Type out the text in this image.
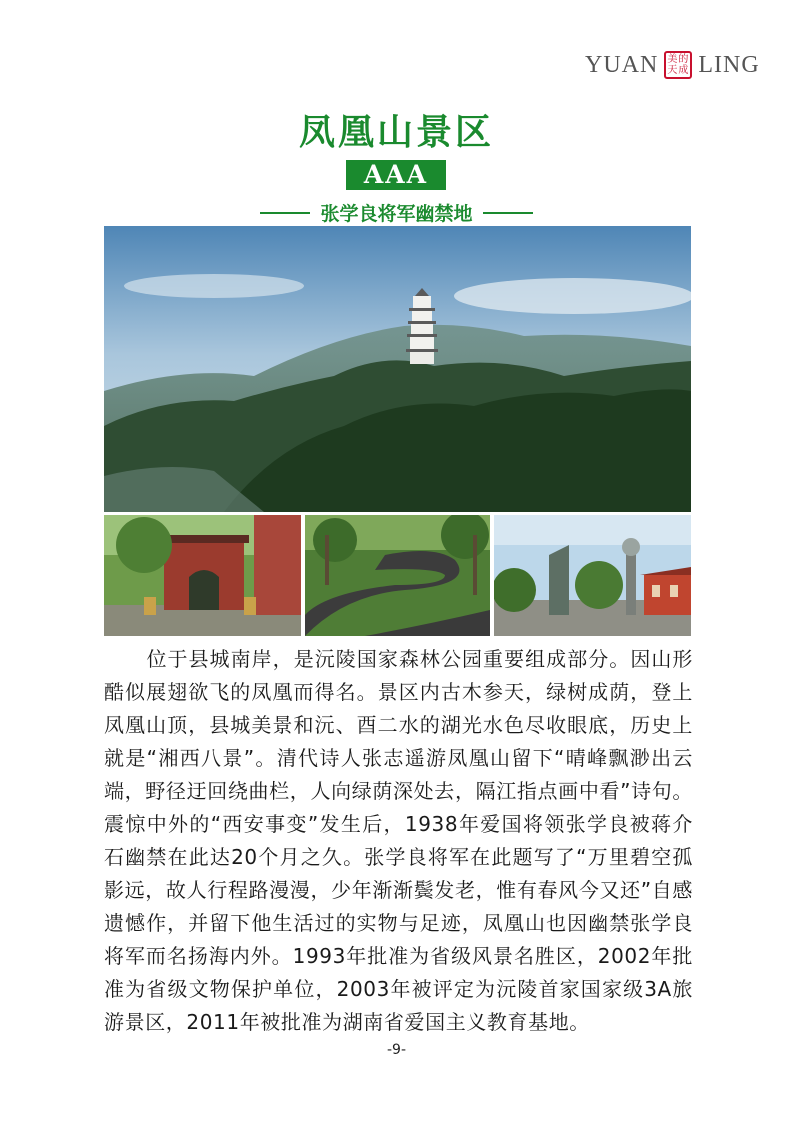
YUAN 美 的
天 成 LING
凤凰山景区
AAA
张学良将军幽禁地

位于县城南岸，是沅陵国家森林公园重要组成部分。因山形酷似展翅欲飞的凤凰而得名。景区内古木参天，绿树成荫，登上凤凰山顶，县城美景和沅、酉二水的湖光水色尽收眼底，历史上就是“湘西八景”。清代诗人张志遥游凤凰山留下“晴峰飘渺出云端，野径迂回绕曲栏，人向绿荫深处去，隔江指点画中看”诗句。震惊中外的“西安事变”发生后，1938年爱国将领张学良被蒋介石幽禁在此达20个月之久。张学良将军在此题写了“万里碧空孤影远，故人行程路漫漫，少年渐渐鬓发老，惟有春风今又还”自感遗憾作，并留下他生活过的实物与足迹，凤凰山也因幽禁张学良将军而名扬海内外。1993年批准为省级风景名胜区，2002年批准为省级文物保护单位，2003年被评定为沅陵首家国家级3A旅游景区，2011年被批准为湖南省爱国主义教育基地。

-9-
